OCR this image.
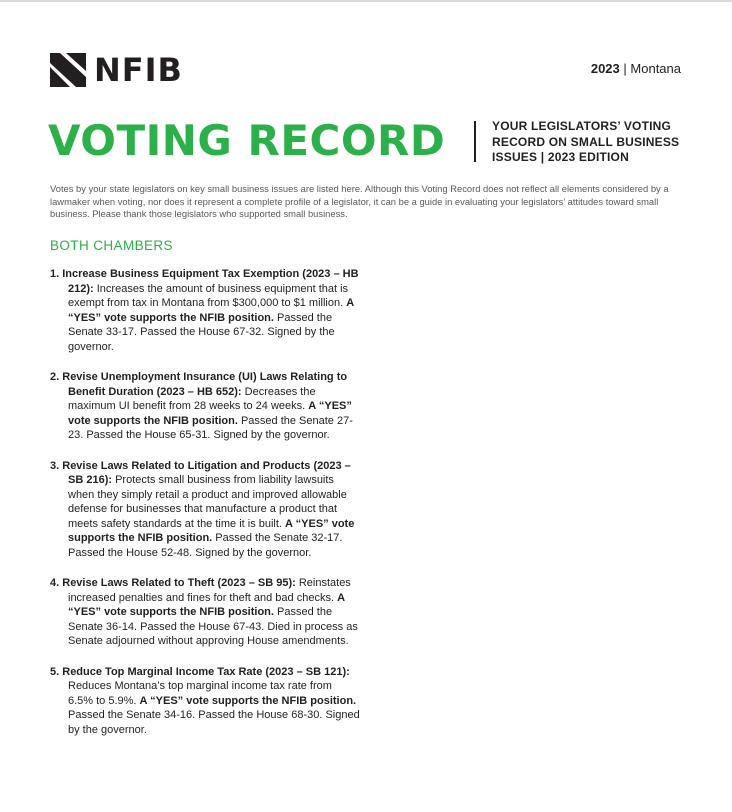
NFIB	2023 | Montana
VOTING RECORD	YOUR LEGISLATORS’ VOTING RECORD ON SMALL BUSINESS ISSUES | 2023 EDITION
Votes by your state legislators on key small business issues are listed here. Although this Voting Record does not reflect all elements considered by a lawmaker when voting, nor does it represent a complete profile of a legislator, it can be a guide in evaluating your legislators’ attitudes toward small business. Please thank those legislators who supported small business.
BOTH CHAMBERS
1. Increase Business Equipment Tax Exemption (2023 – HB 212): Increases the amount of business equipment that is exempt from tax in Montana from $300,000 to $1 million. A “YES” vote supports the NFIB position. Passed the Senate 33-17. Passed the House 67-32. Signed by the governor.
2. Revise Unemployment Insurance (UI) Laws Relating to Benefit Duration (2023 – HB 652): Decreases the maximum UI benefit from 28 weeks to 24 weeks. A “YES” vote supports the NFIB position. Passed the Senate 27-23. Passed the House 65-31. Signed by the governor.
3. Revise Laws Related to Litigation and Products (2023 – SB 216): Protects small business from liability lawsuits when they simply retail a product and improved allowable defense for businesses that manufacture a product that meets safety standards at the time it is built. A “YES” vote supports the NFIB position. Passed the Senate 32-17. Passed the House 52-48. Signed by the governor.
4. Revise Laws Related to Theft (2023 – SB 95): Reinstates increased penalties and fines for theft and bad checks. A “YES” vote supports the NFIB position. Passed the Senate 36-14. Passed the House 67-43. Died in process as Senate adjourned without approving House amendments.
5. Reduce Top Marginal Income Tax Rate (2023 – SB 121): Reduces Montana’s top marginal income tax rate from 6.5% to 5.9%. A “YES” vote supports the NFIB position. Passed the Senate 34-16. Passed the House 68-30. Signed by the governor.
